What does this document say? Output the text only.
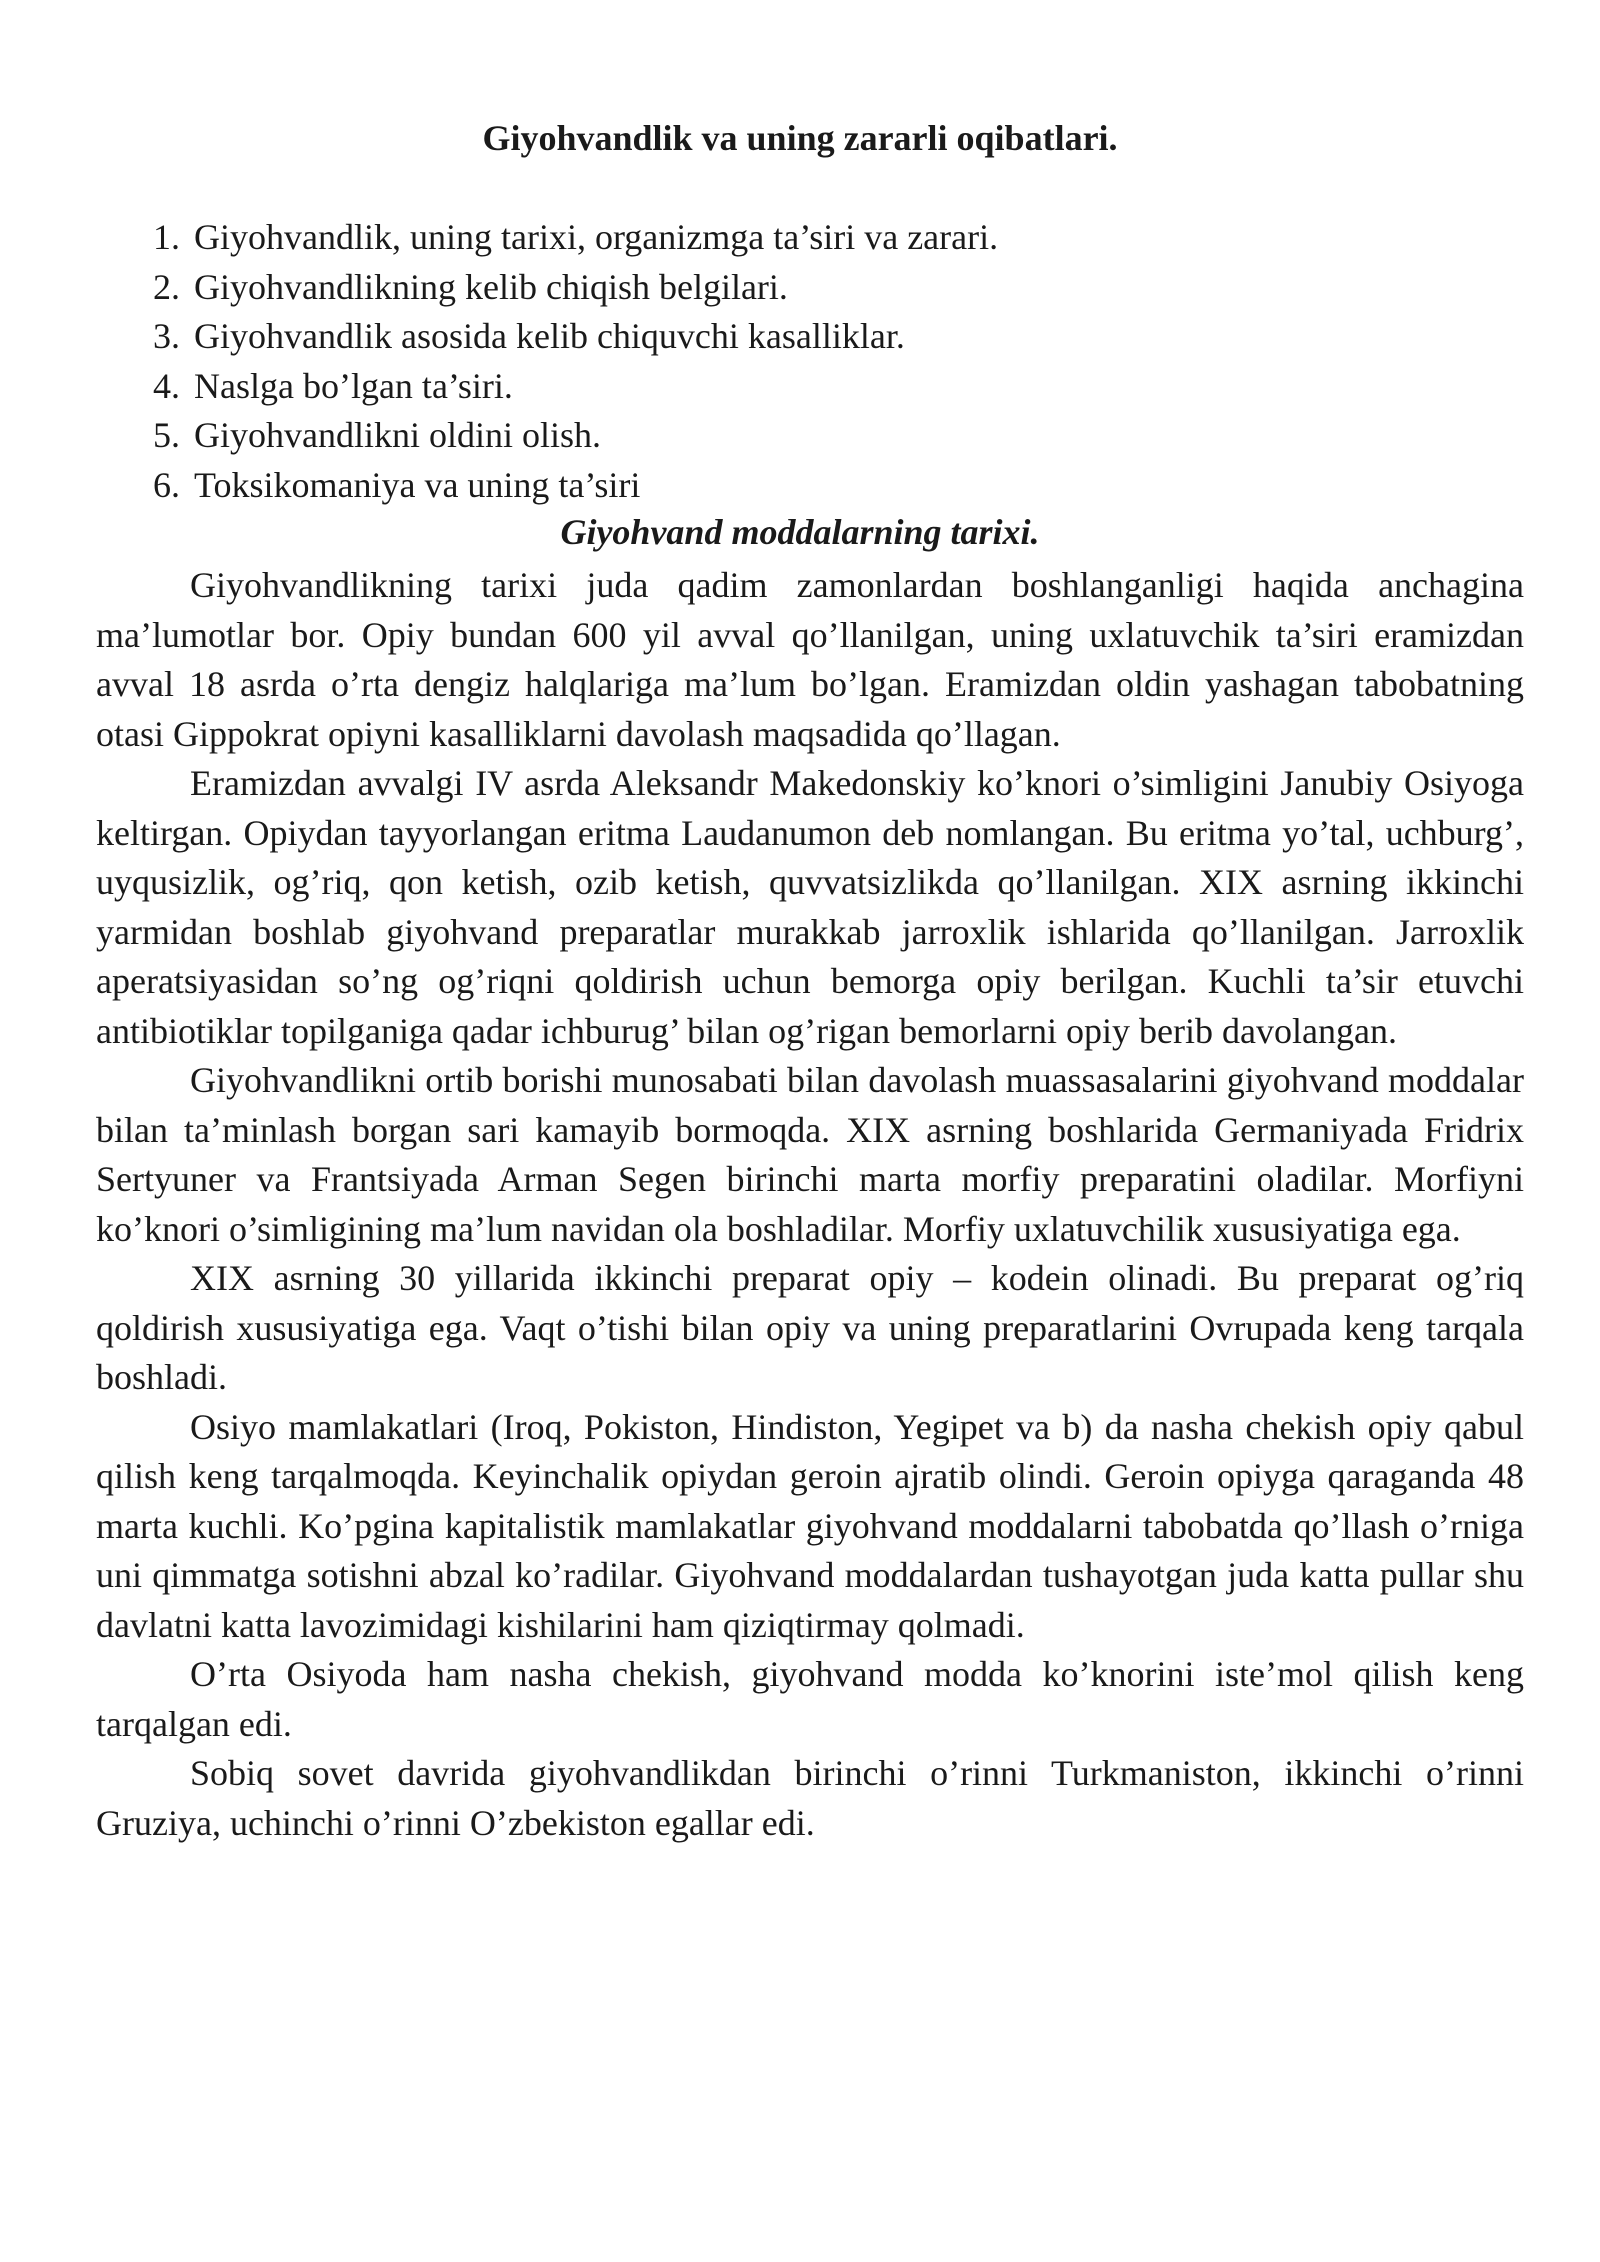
Giyohvandlik va uning zararli oqibatlari.
1. Giyohvandlik, uning tarixi, organizmga ta’siri va zarari.
2. Giyohvandlikning kelib chiqish belgilari.
3. Giyohvandlik asosida kelib chiquvchi kasalliklar.
4. Naslga bo’lgan ta’siri.
5. Giyohvandlikni oldini olish.
6. Toksikomaniya va uning ta’siri
Giyohvand moddalarning tarixi.

Giyohvandlikning tarixi juda qadim zamonlardan boshlanganligi haqida anchagina ma’lumotlar bor. Opiy bundan 600 yil avval qo’llanilgan, uning uxlatuvchik ta’siri eramizdan avval 18 asrda o’rta dengiz halqlariga ma’lum bo’lgan. Eramizdan oldin yashagan tabobatning otasi Gippokrat opiyni kasalliklarni davolash maqsadida qo’llagan.

Eramizdan avvalgi IV asrda Aleksandr Makedonskiy ko’knori o’simligini Janubiy Osiyoga keltirgan. Opiydan tayyorlangan eritma Laudanumon deb nomlangan. Bu eritma yo’tal, uchburg’, uyqusizlik, og’riq, qon ketish, ozib ketish, quvvatsizlikda qo’llanilgan. XIX asrning ikkinchi yarmidan boshlab giyohvand preparatlar murakkab jarroxlik ishlarida qo’llanilgan. Jarroxlik aperatsiyasidan so’ng og’riqni qoldirish uchun bemorga opiy berilgan. Kuchli ta’sir etuvchi antibiotiklar topilganiga qadar ichburug’ bilan og’rigan bemorlarni opiy berib davolangan.

Giyohvandlikni ortib borishi munosabati bilan davolash muassasalarini giyohvand moddalar bilan ta’minlash borgan sari kamayib bormoqda. XIX asrning boshlarida Germaniyada Fridrix Sertyuner va Frantsiyada Arman Segen birinchi marta morfiy preparatini oladilar. Morfiyni ko’knori o’simligining ma’lum navidan ola boshladilar. Morfiy uxlatuvchilik xususiyatiga ega.

XIX asrning 30 yillarida ikkinchi preparat opiy – kodein olinadi. Bu preparat og’riq qoldirish xususiyatiga ega. Vaqt o’tishi bilan opiy va uning preparatlarini Ovrupada keng tarqala boshladi.

Osiyo mamlakatlari (Iroq, Pokiston, Hindiston, Yegipet va b) da nasha chekish opiy qabul qilish keng tarqalmoqda. Keyinchalik opiydan geroin ajratib olindi. Geroin opiyga qaraganda 48 marta kuchli. Ko’pgina kapitalistik mamlakatlar giyohvand moddalarni tabobatda qo’llash o’rniga uni qimmatga sotishni abzal ko’radilar. Giyohvand moddalardan tushayotgan juda katta pullar shu davlatni katta lavozimidagi kishilarini ham qiziqtirmay qolmadi.

O’rta Osiyoda ham nasha chekish, giyohvand modda ko’knorini iste’mol qilish keng tarqalgan edi.

Sobiq sovet davrida giyohvandlikdan birinchi o’rinni Turkmaniston, ikkinchi o’rinni Gruziya, uchinchi o’rinni O’zbekiston egallar edi.
